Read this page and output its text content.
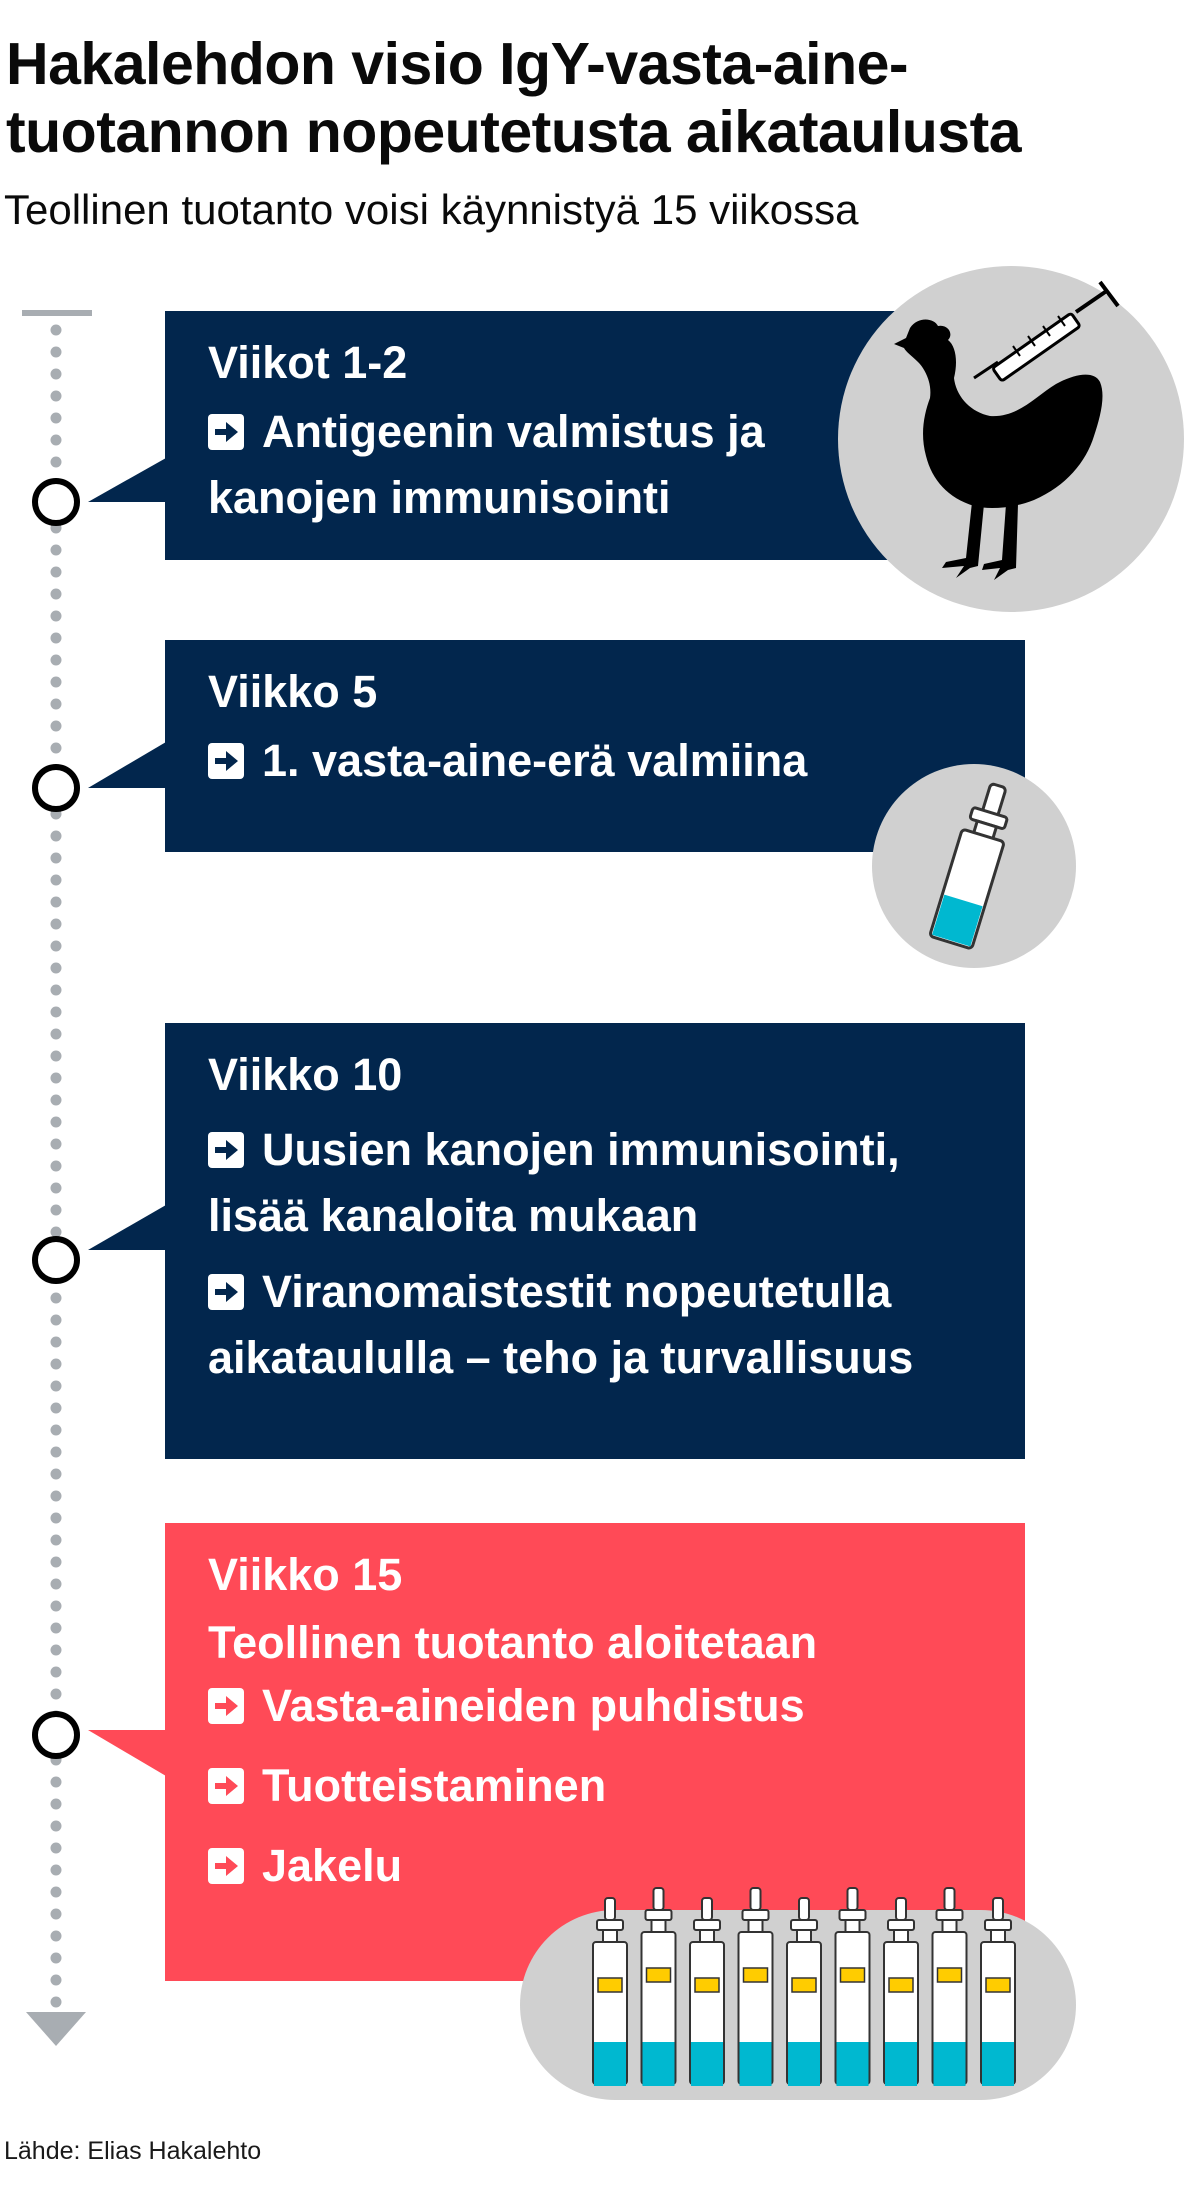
Hakalehdon visio IgY-vasta-aine-
tuotannon nopeutetusta aikataulusta
Teollinen tuotanto voisi käynnistyä 15 viikossa
Viikot 1-2
Antigeenin valmistus ja kanojen immunisointi
Viikko 5
1. vasta-aine-erä valmiina
Viikko 10
Uusien kanojen immunisointi, lisää kanaloita mukaan
Viranomaistestit nopeutetulla aikataululla – teho ja turvallisuus
Viikko 15
Teollinen tuotanto aloitetaan
Vasta-aineiden puhdistus
Tuotteistaminen
Jakelu
Lähde: Elias Hakalehto
